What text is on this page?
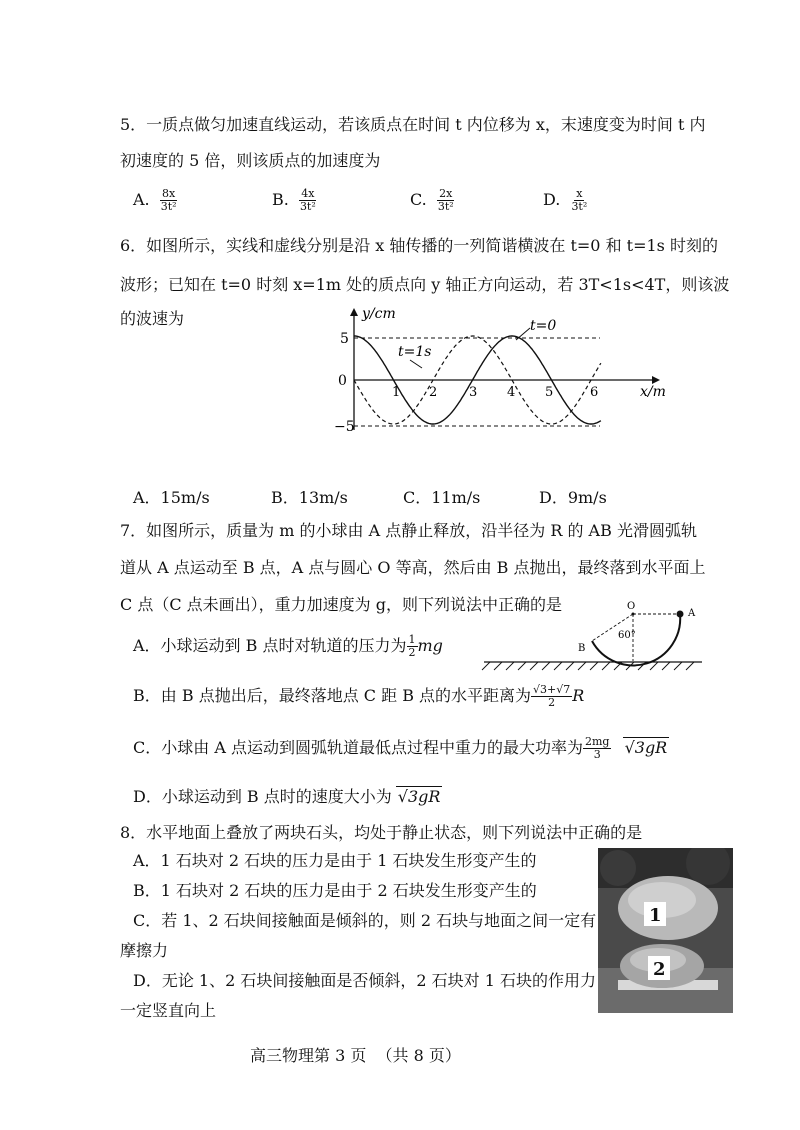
5．一质点做匀加速直线运动，若该质点在时间 t 内位移为 x，末速度变为时间 t 内
初速度的 5 倍，则该质点的加速度为
A. $\frac{8x}{\text{3t²}}$	B. $\frac{4x}{\text{3t²}}$	C. $\frac{2x}{\text{3t²}}$	D. $\frac{x}{\text{3t²}}$
6．如图所示，实线和虚线分别是沿 x 轴传播的一列简谐横波在 t=0 和 t=1s 时刻的
波形；已知在 t=0 时刻 x=1m 处的质点向 y 轴正方向运动，若 3T<1s<4T，则该波
的波速为	y/cm
x/m
5
0
−5
1 2 3 4 5	6
t=0
t=1s
A．15m/s	B．13m/s	C．11m/s	D．9m/s
7．如图所示，质量为 m 的小球由 A 点静止释放，沿半径为 R 的 AB 光滑圆弧轨
道从 A 点运动至 B 点，A 点与圆心 O 等高，然后由 B 点抛出，最终落到水平面上
C 点（C 点未画出），重力加速度为 g，则下列说法中正确的是	O
A
B
60°
A．小球运动到 B 点时对轨道的压力为 $\frac{1}{2}$ mg
B．由 B 点抛出后，最终落地点 C 距 B 点的水平距离为 $\frac{√3+√7}{2}$ R
C．小球由 A 点运动到圆弧轨道最低点过程中重力的最大功率为 $\frac{2mg}{3} √3gR$
D．小球运动到 B 点时的速度大小为 √3gR
8．水平地面上叠放了两块石头，均处于静止状态，则下列说法中正确的是
A．1 石块对 2 石块的压力是由于 1 石块发生形变产生的
B．1 石块对 2 石块的压力是由于 2 石块发生形变产生的
C．若 1、2 石块间接触面是倾斜的，则 2 石块与地面之间一定有
摩擦力
D．无论 1、2 石块间接触面是否倾斜，2 石块对 1 石块的作用力
一定竖直向上
1
2
高三物理第 3 页  （共 8 页）
